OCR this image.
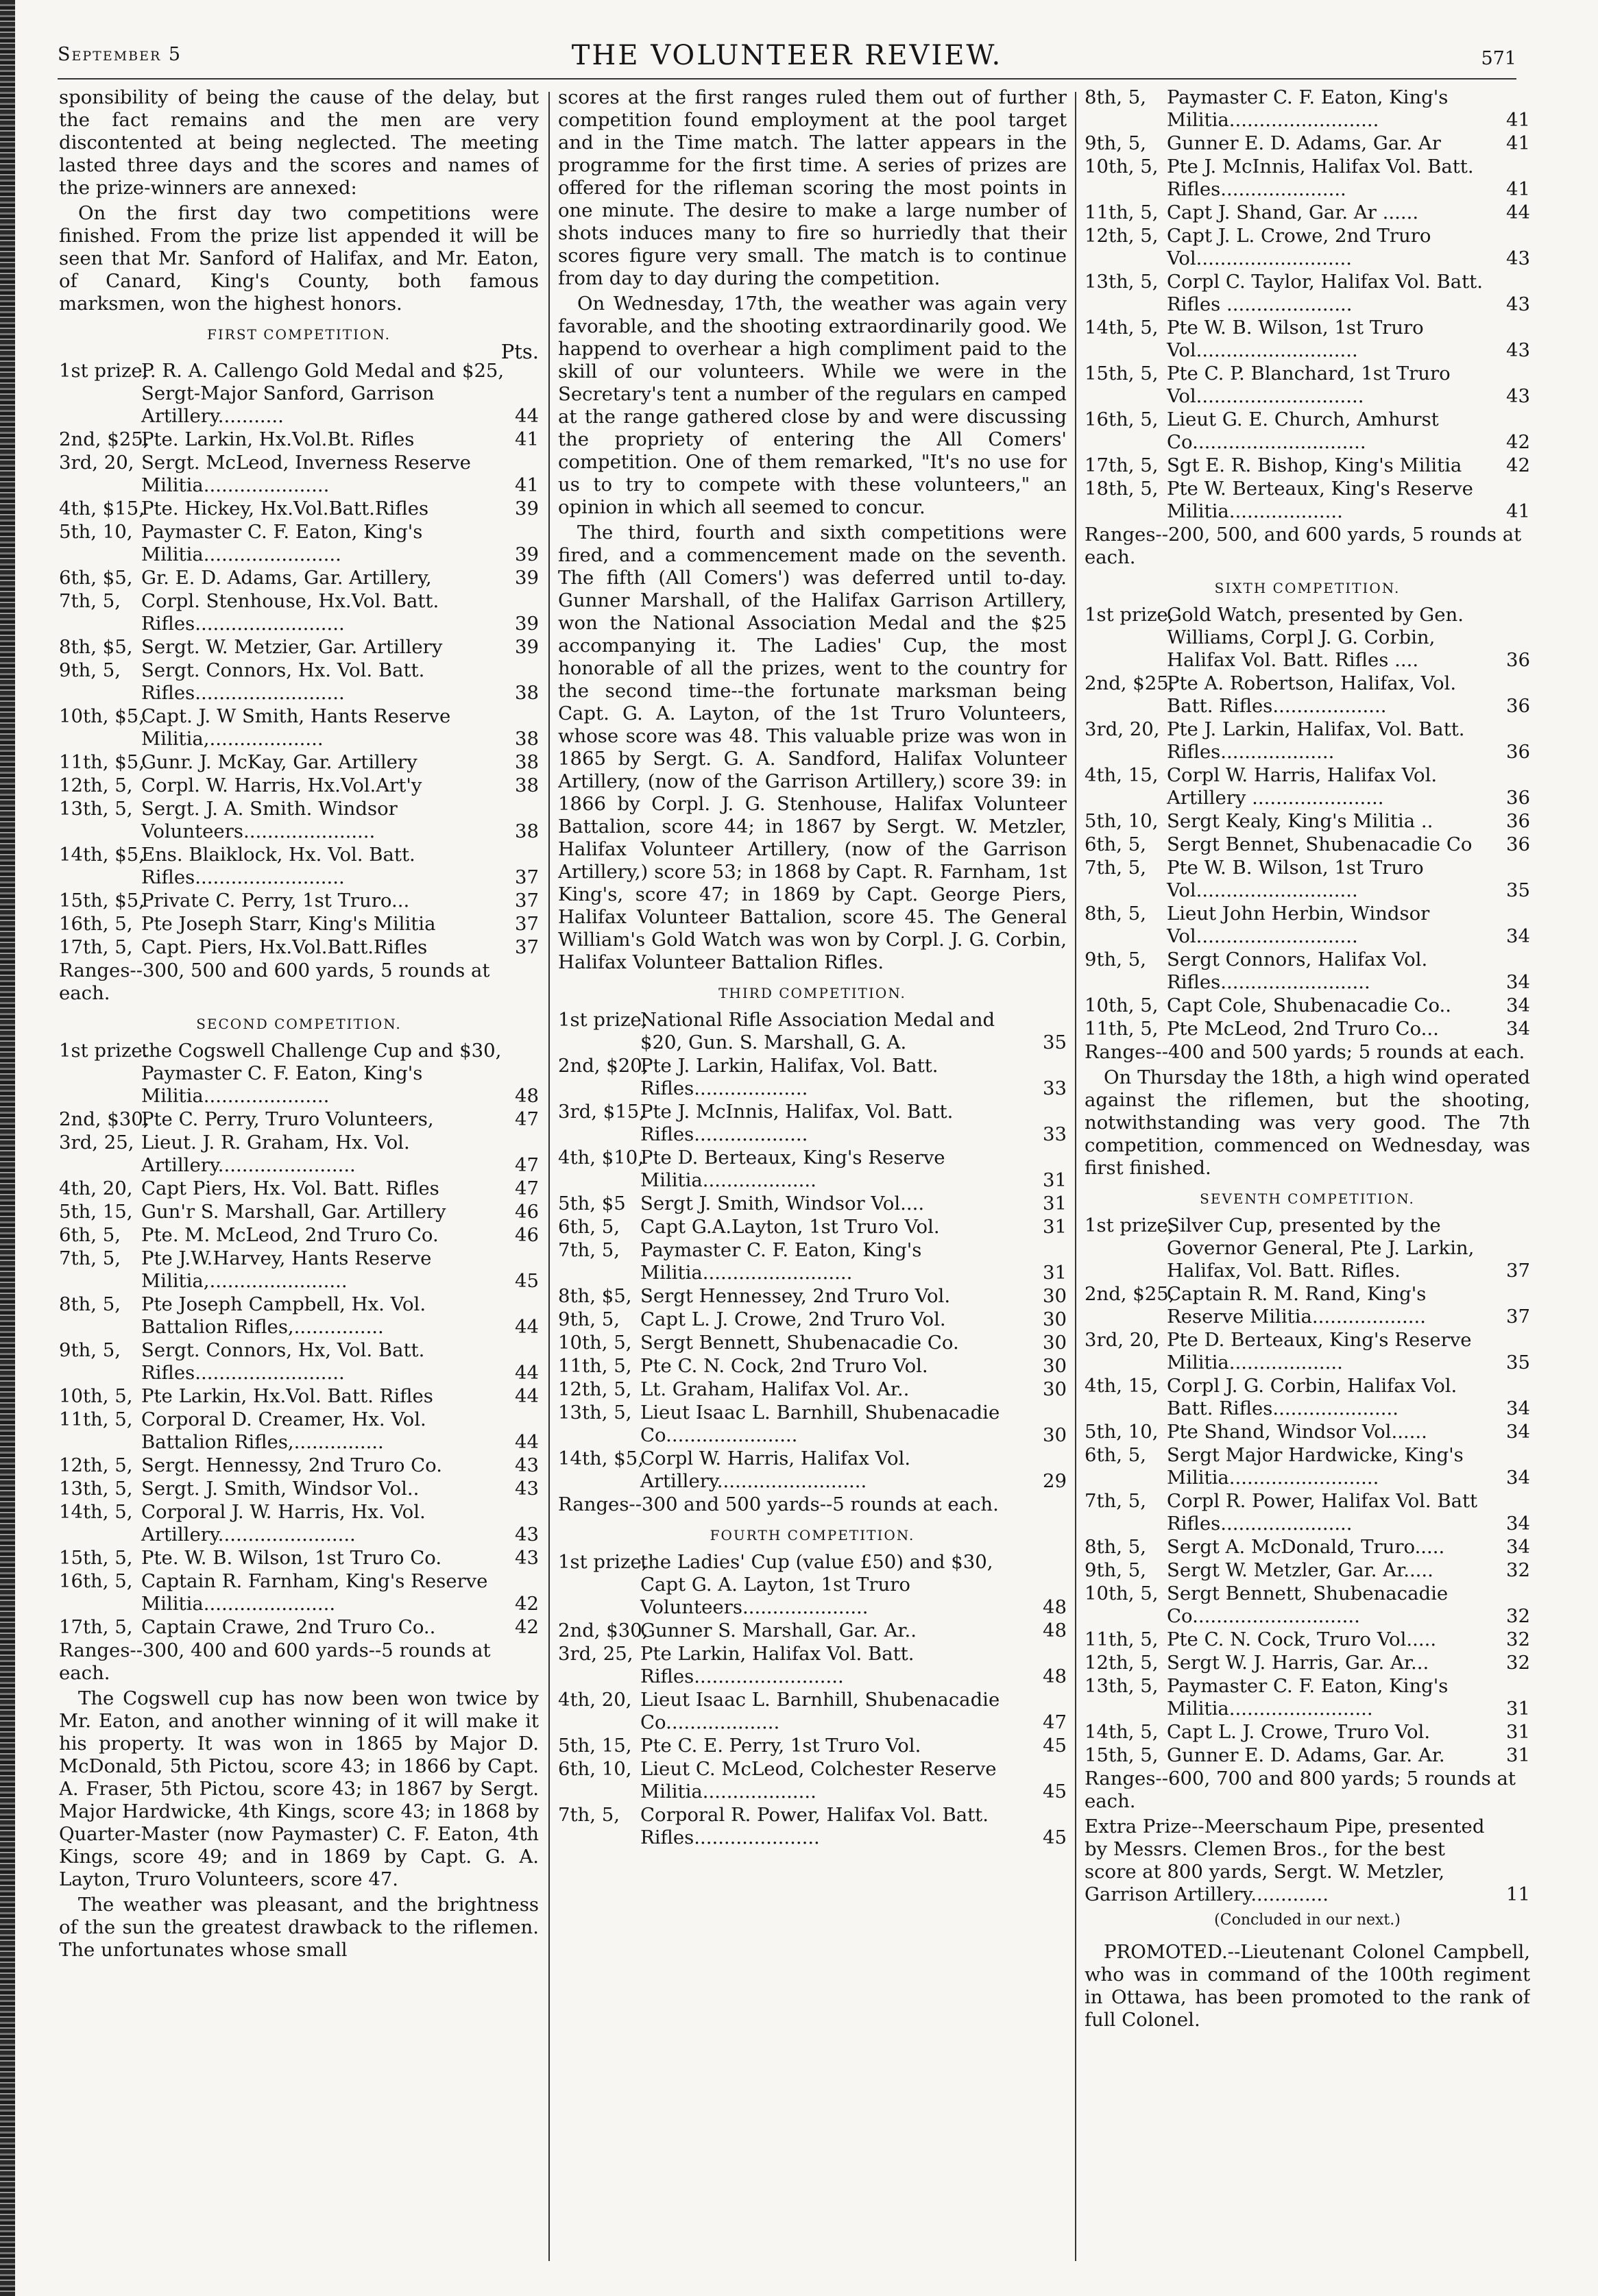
September 5	THE VOLUNTEER REVIEW.	571

sponsibility of being the cause of the delay, but the fact remains and the men are very discontented at being neglected. The meeting lasted three days and the scores and names of the prize-winners are annexed:

On the first day two competitions were finished. From the prize list appended it will be seen that Mr. Sanford of Halifax, and Mr. Eaton, of Canard, King's County, both famous marksmen, won the highest honors.

FIRST COMPETITION.
Pts.
1st prize,
P. R. A. Callengo Gold Medal and $25, Sergt-Major Sanford, Garrison Artillery...........	44
2nd, $25,
Pte. Larkin, Hx.Vol.Bt. Rifles	41
3rd, 20, Sergt. McLeod, Inverness Reserve Militia.....................	41
4th, $15,
Pte. Hickey, Hx.Vol.Batt.Rifles	39
5th, 10, Paymaster C. F. Eaton, King's Militia.......................	39
6th, $5, Gr. E. D. Adams, Gar. Artillery,	39
7th, 5,	Corpl. Stenhouse, Hx.Vol. Batt. Rifles.........................	39
8th, $5, Sergt. W. Metzier, Gar. Artillery	39
9th, 5,	Sergt. Connors, Hx. Vol. Batt. Rifles.........................	38
10th, $5,
Capt. J. W Smith, Hants Reserve Militia,...................	38
11th, $5,
Gunr. J. McKay, Gar. Artillery	38
12th, 5, Corpl. W. Harris, Hx.Vol.Art'y	38
13th, 5, Sergt. J. A. Smith. Windsor Volunteers......................	38
14th, $5,
Ens. Blaiklock, Hx. Vol. Batt. Rifles.........................	37
15th, $5,
Private C. Perry, 1st Truro...	37
16th, 5, Pte Joseph Starr, King's Militia	37
17th, 5, Capt. Piers, Hx.Vol.Batt.Rifles	37

Ranges--300, 500 and 600 yards, 5 rounds at each.

SECOND COMPETITION.
1st prize.
the Cogswell Challenge Cup and $30, Paymaster C. F. Eaton, King's Militia.....................	48
2nd, $30,
Pte C. Perry, Truro Volunteers,	47
3rd, 25, Lieut. J. R. Graham, Hx. Vol. Artillery.......................	47
4th, 20, Capt Piers, Hx. Vol. Batt. Rifles	47
5th, 15, Gun'r S. Marshall, Gar. Artillery	46
6th, 5,	Pte. M. McLeod, 2nd Truro Co.	46
7th, 5,	Pte J.W.Harvey, Hants Reserve Militia,.......................	45
8th, 5,	Pte Joseph Campbell, Hx. Vol. Battalion Rifles,...............	44
9th, 5,	Sergt. Connors, Hx, Vol. Batt. Rifles.........................	44
10th, 5, Pte Larkin, Hx.Vol. Batt. Rifles	44
11th, 5, Corporal D. Creamer, Hx. Vol. Battalion Rifles,...............	44
12th, 5, Sergt. Hennessy, 2nd Truro Co.	43
13th, 5, Sergt. J. Smith, Windsor Vol..	43
14th, 5, Corporal J. W. Harris, Hx. Vol. Artillery.......................	43
15th, 5, Pte. W. B. Wilson, 1st Truro Co.	43
16th, 5, Captain R. Farnham, King's Reserve Militia......................	42
17th, 5, Captain Crawe, 2nd Truro Co..	42

Ranges--300, 400 and 600 yards--5 rounds at each.

The Cogswell cup has now been won twice by Mr. Eaton, and another winning of it will make it his property. It was won in 1865 by Major D. McDonald, 5th Pictou, score 43; in 1866 by Capt. A. Fraser, 5th Pictou, score 43; in 1867 by Sergt. Major Hardwicke, 4th Kings, score 43; in 1868 by Quarter-Master (now Paymaster) C. F. Eaton, 4th Kings, score 49; and in 1869 by Capt. G. A. Layton, Truro Volunteers, score 47.

The weather was pleasant, and the brightness of the sun the greatest drawback to the riflemen. The unfortunates whose small

scores at the first ranges ruled them out of further competition found employment at the pool target and in the Time match. The latter appears in the programme for the first time. A series of prizes are offered for the rifleman scoring the most points in one minute. The desire to make a large number of shots induces many to fire so hurriedly that their scores figure very small. The match is to continue from day to day during the competition.

On Wednesday, 17th, the weather was again very favorable, and the shooting extraordinarily good. We happend to overhear a high compliment paid to the skill of our volunteers. While we were in the Secretary's tent a number of the regulars en camped at the range gathered close by and were discussing the propriety of entering the All Comers' competition. One of them remarked, "It's no use for us to try to compete with these volunteers," an opinion in which all seemed to concur.

The third, fourth and sixth competitions were fired, and a commencement made on the seventh. The fifth (All Comers') was deferred until to-day. Gunner Marshall, of the Halifax Garrison Artillery, won the National Association Medal and the $25 accompanying it. The Ladies' Cup, the most honorable of all the prizes, went to the country for the second time--the fortunate marksman being Capt. G. A. Layton, of the 1st Truro Volunteers, whose score was 48. This valuable prize was won in 1865 by Sergt. G. A. Sandford, Halifax Volunteer Artillery, (now of the Garrison Artillery,) score 39: in 1866 by Corpl. J. G. Stenhouse, Halifax Volunteer Battalion, score 44; in 1867 by Sergt. W. Metzler, Halifax Volunteer Artillery, (now of the Garrison Artillery,) score 53; in 1868 by Capt. R. Farnham, 1st King's, score 47; in 1869 by Capt. George Piers, Halifax Volunteer Battalion, score 45. The General William's Gold Watch was won by Corpl. J. G. Corbin, Halifax Volunteer Battalion Rifles.

THIRD COMPETITION.
1st prize,
National Rifle Association Medal and $20, Gun. S. Marshall, G. A.	35
2nd, $20,
Pte J. Larkin, Halifax, Vol. Batt. Rifles...................	33
3rd, $15,
Pte J. McInnis, Halifax, Vol. Batt. Rifles...................	33
4th, $10,
Pte D. Berteaux, King's Reserve Militia...................	31
5th, $5 Sergt J. Smith, Windsor Vol....	31
6th, 5,	Capt G.A.Layton, 1st Truro Vol.	31
7th, 5,	Paymaster C. F. Eaton, King's Militia.........................	31
8th, $5, Sergt Hennessey, 2nd Truro Vol.	30
9th, 5,	Capt L. J. Crowe, 2nd Truro Vol.	30
10th, 5, Sergt Bennett, Shubenacadie Co.	30
11th, 5, Pte C. N. Cock, 2nd Truro Vol.	30
12th, 5, Lt. Graham, Halifax Vol. Ar..	30
13th, 5, Lieut Isaac L. Barnhill, Shubenacadie Co......................	30
14th, $5,
Corpl W. Harris, Halifax Vol. Artillery.........................	29

Ranges--300 and 500 yards--5 rounds at each.

FOURTH COMPETITION.
1st prize,
the Ladies' Cup (value £50) and $30, Capt G. A. Layton, 1st Truro Volunteers.....................	48
2nd, $30,
Gunner S. Marshall, Gar. Ar..	48
3rd, 25, Pte Larkin, Halifax Vol. Batt. Rifles.........................	48
4th, 20, Lieut Isaac L. Barnhill, Shubenacadie Co...................	47
5th, 15, Pte C. E. Perry, 1st Truro Vol.	45
6th, 10, Lieut C. McLeod, Colchester Reserve Militia...................	45
7th, 5,	Corporal R. Power, Halifax Vol. Batt. Rifles.....................	45
8th, 5,	Paymaster C. F. Eaton, King's Militia.........................	41
9th, 5,	Gunner E. D. Adams, Gar. Ar	41
10th, 5, Pte J. McInnis, Halifax Vol. Batt. Rifles.....................	41
11th, 5, Capt J. Shand, Gar. Ar ......	44
12th, 5, Capt J. L. Crowe, 2nd Truro Vol..........................	43
13th, 5, Corpl C. Taylor, Halifax Vol. Batt. Rifles .....................	43
14th, 5, Pte W. B. Wilson, 1st Truro Vol...........................	43
15th, 5, Pte C. P. Blanchard, 1st Truro Vol............................	43
16th, 5, Lieut G. E. Church, Amhurst Co.............................	42
17th, 5, Sgt E. R. Bishop, King's Militia	42
18th, 5, Pte W. Berteaux, King's Reserve Militia...................	41

Ranges--200, 500, and 600 yards, 5 rounds at each.

SIXTH COMPETITION.
1st prize,
Gold Watch, presented by Gen. Williams, Corpl J. G. Corbin, Halifax Vol. Batt. Rifles ....	36
2nd, $25,
Pte A. Robertson, Halifax, Vol. Batt. Rifles...................	36
3rd, 20, Pte J. Larkin, Halifax, Vol. Batt. Rifles...................	36
4th, 15, Corpl W. Harris, Halifax Vol. Artillery ......................	36
5th, 10, Sergt Kealy, King's Militia ..	36
6th, 5,	Sergt Bennet, Shubenacadie Co	36
7th, 5,	Pte W. B. Wilson, 1st Truro Vol...........................	35
8th, 5,	Lieut John Herbin, Windsor Vol...........................	34
9th, 5,	Sergt Connors, Halifax Vol. Rifles.........................	34
10th, 5, Capt Cole, Shubenacadie Co..	34
11th, 5, Pte McLeod, 2nd Truro Co...	34

Ranges--400 and 500 yards; 5 rounds at each.

On Thursday the 18th, a high wind operated against the riflemen, but the shooting, notwithstanding was very good. The 7th competition, commenced on Wednesday, was first finished.

SEVENTH COMPETITION.
1st prize,
Silver Cup, presented by the Governor General, Pte J. Larkin, Halifax, Vol. Batt. Rifles.	37
2nd, $25,
Captain R. M. Rand, King's Reserve Militia...................	37
3rd, 20, Pte D. Berteaux, King's Reserve Militia...................	35
4th, 15, Corpl J. G. Corbin, Halifax Vol. Batt. Rifles.....................	34
5th, 10, Pte Shand, Windsor Vol......	34
6th, 5,	Sergt Major Hardwicke, King's Militia.........................	34
7th, 5,	Corpl R. Power, Halifax Vol. Batt Rifles......................	34
8th, 5,	Sergt A. McDonald, Truro.....	34
9th, 5,	Sergt W. Metzler, Gar. Ar.....	32
10th, 5, Sergt Bennett, Shubenacadie Co............................	32
11th, 5, Pte C. N. Cock, Truro Vol.....	32
12th, 5, Sergt W. J. Harris, Gar. Ar...	32
13th, 5, Paymaster C. F. Eaton, King's Militia........................	31
14th, 5, Capt L. J. Crowe, Truro Vol.	31
15th, 5, Gunner E. D. Adams, Gar. Ar.	31

Ranges--600, 700 and 800 yards; 5 rounds at each.

Extra Prize--Meerschaum Pipe, presented by Messrs. Clemen Bros., for the best score at 800 yards, Sergt. W. Metzler, Garrison Artillery.............	11
(Concluded in our next.)

PROMOTED.--Lieutenant Colonel Campbell, who was in command of the 100th regiment in Ottawa, has been promoted to the rank of full Colonel.
